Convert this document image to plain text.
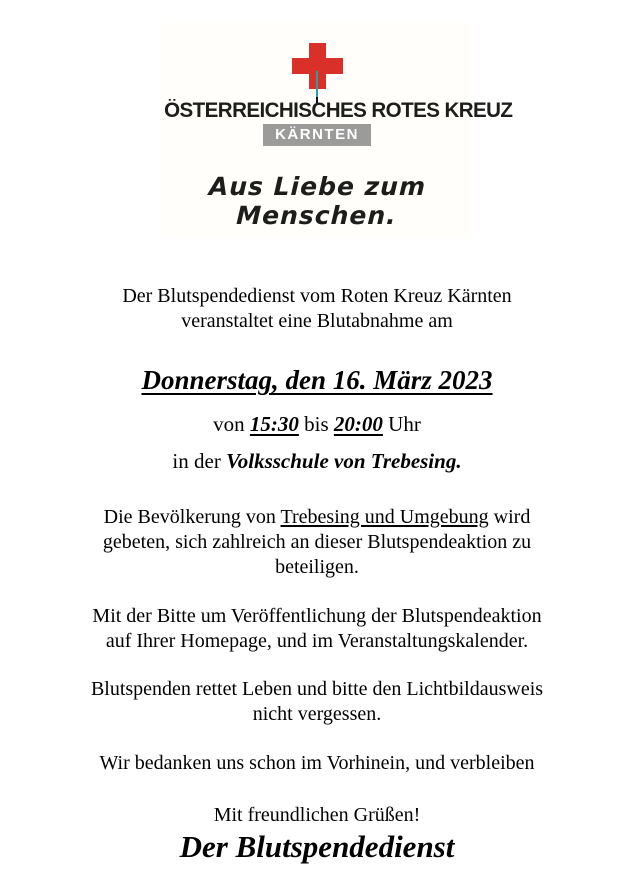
ÖSTERREICHISCHES ROTES KREUZ
KÄRNTEN
Aus Liebe zum Menschen.
Der Blutspendedienst vom Roten Kreuz Kärnten
veranstaltet eine Blutabnahme am
Donnerstag, den 16. März 2023
von 15:30 bis 20:00 Uhr
in der Volksschule von Trebesing.
Die Bevölkerung von Trebesing und Umgebung wird
gebeten, sich zahlreich an dieser Blutspendeaktion zu
beteiligen.
Mit der Bitte um Veröffentlichung der Blutspendeaktion
auf Ihrer Homepage, und im Veranstaltungskalender.
Blutspenden rettet Leben und bitte den Lichtbildausweis
nicht vergessen.
Wir bedanken uns schon im Vorhinein, und verbleiben
Mit freundlichen Grüßen!
Der Blutspendedienst
